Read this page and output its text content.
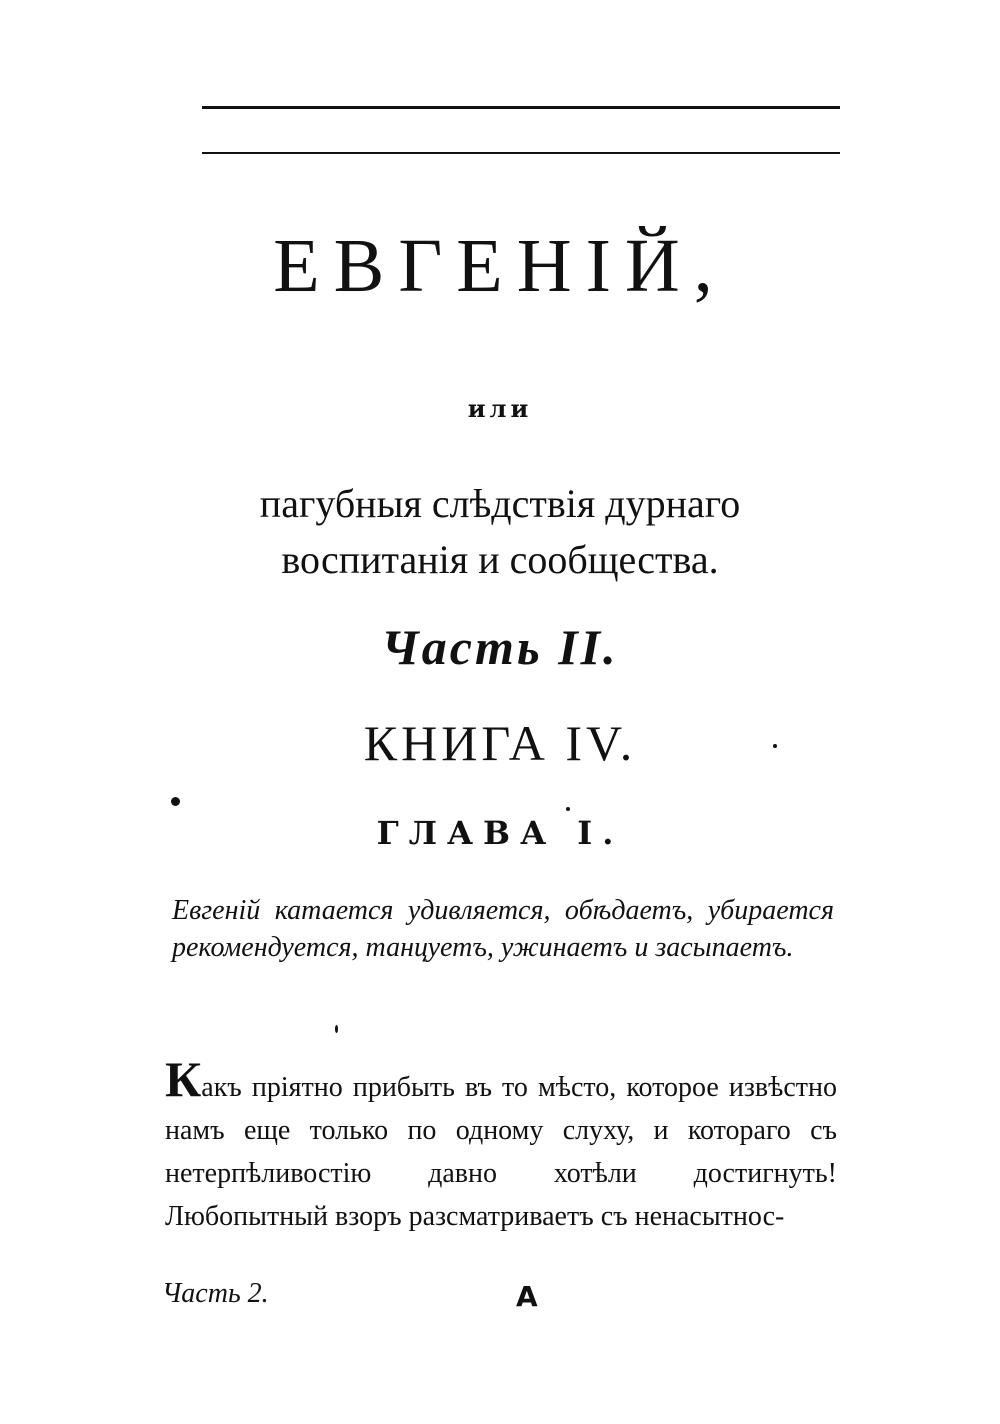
ЕВГЕНІЙ,
или
пагубныя слѣдствія дурнаго
воспитанія и сообщества.
Часть II.
КНИГА IV.
ГЛАВА I.
Евгеній катается удивляется, обѣдаетъ, убирается рекомендуется, танцуетъ, ужинаетъ и засыпаетъ.
Какъ пріятно прибыть въ то мѣсто, которое извѣстно намъ еще только по одному слуху, и котораго съ нетерпѣливостію давно хотѣли достигнуть! Любопытный взоръ разсматриваетъ съ ненасытнос-
Часть 2.	А
